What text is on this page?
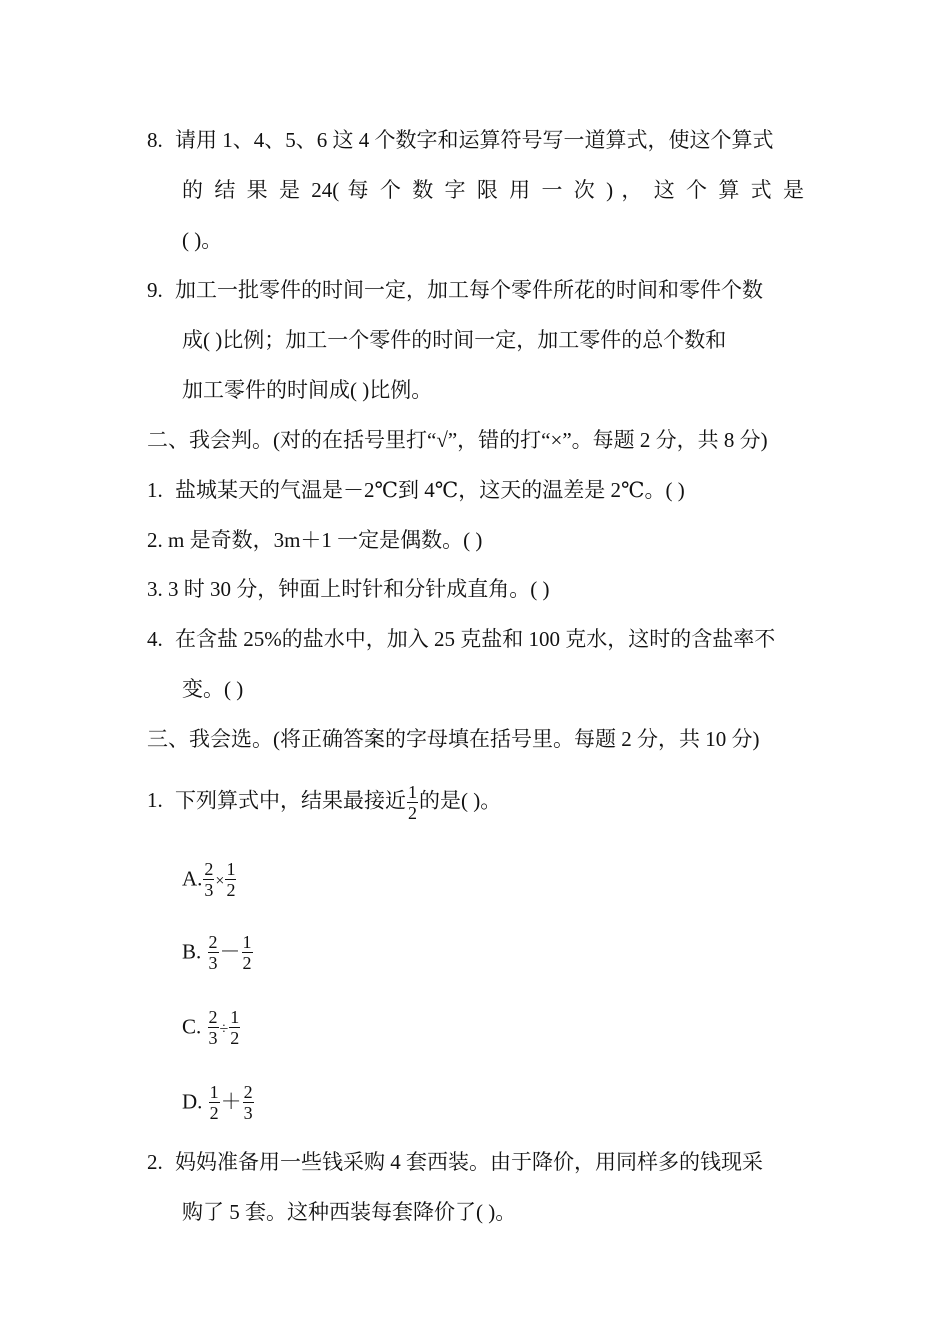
8. 请用 1、4、5、6 这 4 个数字和运算符号写一道算式，使这个算式
的 结 果 是 24( 每 个 数 字 限 用 一 次 ) ， 这 个 算 式 是
( )。
9. 加工一批零件的时间一定，加工每个零件所花的时间和零件个数
成( )比例；加工一个零件的时间一定，加工零件的总个数和
加工零件的时间成( )比例。
二、我会判。(对的在括号里打“√”，错的打“×”。每题 2 分，共 8 分)
1. 盐城某天的气温是－2℃到 4℃，这天的温差是 2℃。( )
2. m 是奇数，3m＋1 一定是偶数。( )
3. 3 时 30 分，钟面上时针和分针成直角。( )
4. 在含盐 25%的盐水中，加入 25 克盐和 100 克水，这时的含盐率不
变。( )
三、我会选。(将正确答案的字母填在括号里。每题 2 分，共 10 分)
1. 下列算式中，结果最接近 $\frac{1}{2}$ 的是( )。
A. $\frac{2}{3} \times \frac{1}{2}$
B. $\frac{2}{3} - \frac{1}{2}$
C. $\frac{2}{3} \div \frac{1}{2}$
D. $\frac{1}{2} + \frac{2}{3}$
2. 妈妈准备用一些钱采购 4 套西装。由于降价，用同样多的钱现采
购了 5 套。这种西装每套降价了( )。
